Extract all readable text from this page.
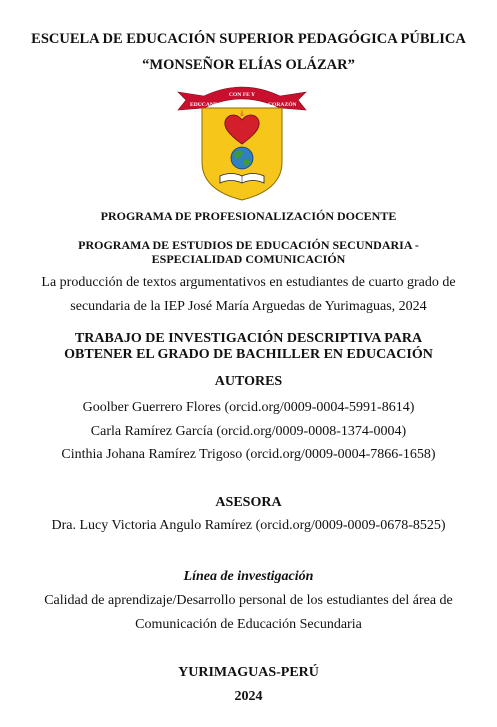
ESCUELA DE EDUCACIÓN SUPERIOR PEDAGÓGICA PÚBLICA
“MONSEÑOR ELÍAS OLÁZAR”
EDUCANDO
CON FE Y
CORAZÓN
PROGRAMA DE PROFESIONALIZACIÓN DOCENTE
PROGRAMA DE ESTUDIOS DE EDUCACIÓN SECUNDARIA -
ESPECIALIDAD COMUNICACIÓN
La producción de textos argumentativos en estudiantes de cuarto grado de
secundaria de la IEP José María Arguedas de Yurimaguas, 2024
TRABAJO DE INVESTIGACIÓN DESCRIPTIVA PARA
OBTENER EL GRADO DE BACHILLER EN EDUCACIÓN
AUTORES
Goolber Guerrero Flores (orcid.org/0009-0004-5991-8614)
Carla Ramírez García (orcid.org/0009-0008-1374-0004)
Cinthia Johana Ramírez Trigoso (orcid.org/0009-0004-7866-1658)
ASESORA
Dra. Lucy Victoria Angulo Ramírez (orcid.org/0009-0009-0678-8525)
Línea de investigación
Calidad de aprendizaje/Desarrollo personal de los estudiantes del área de
Comunicación de Educación Secundaria
YURIMAGUAS-PERÚ
2024
